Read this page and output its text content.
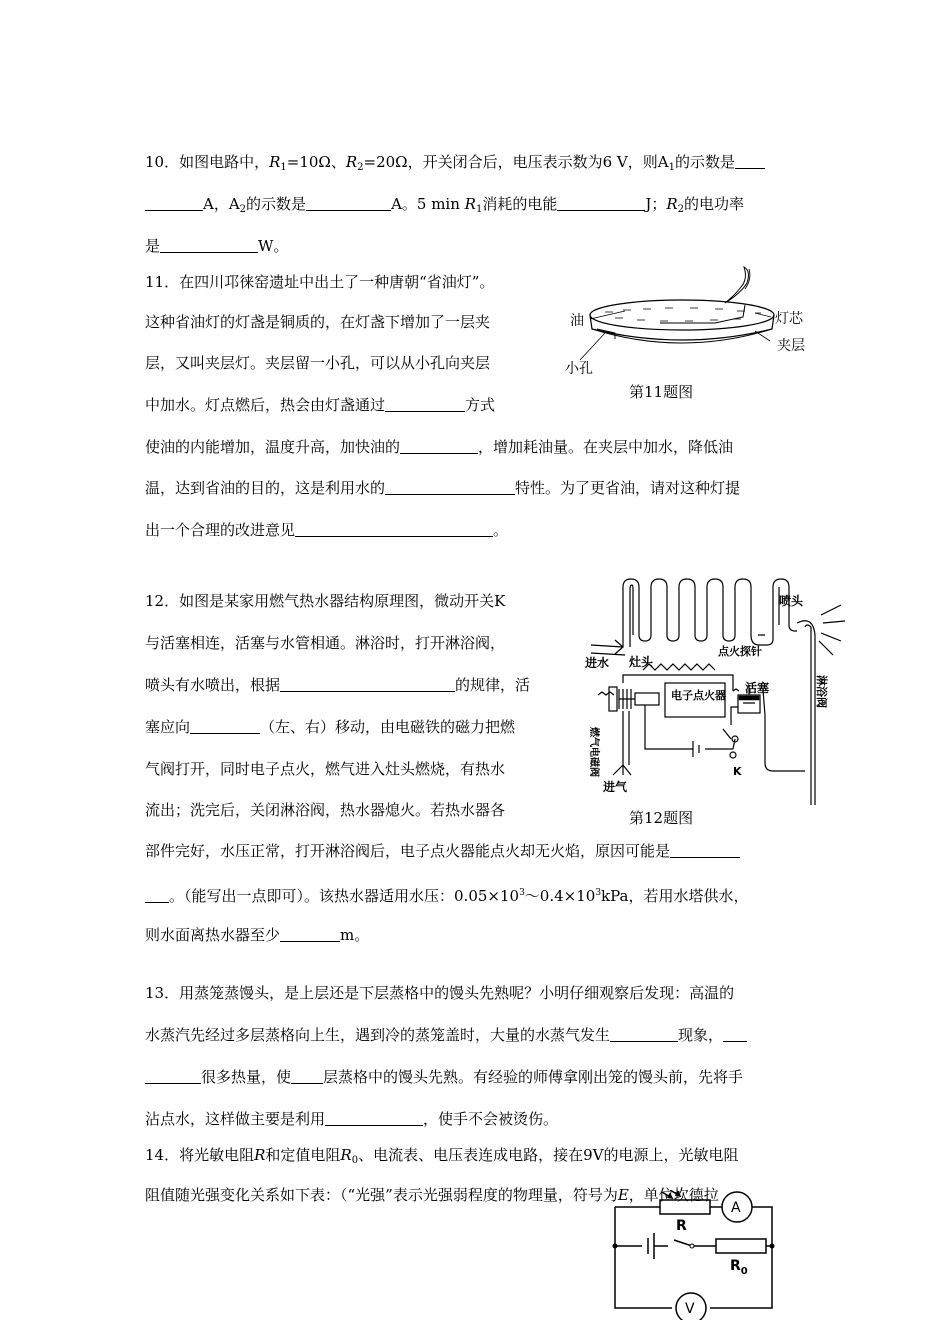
10．如图电路中，$R_1=10\Omega$、$R_2=20\Omega$，开关闭合后，电压表示数为6 V，则$A_1$的示数是
A，$A_2$的示数是	A。5 $\min R_1$消耗的电能	J；$R_2$的电功率
是	W。
11．在四川邛徕窑遗址中出土了一种唐朝“省油灯”。
这种省油灯的灯盏是铜质的，在灯盏下增加了一层夹
层，又叫夹层灯。夹层留一小孔，可以从小孔向夹层
中加水。灯点燃后，热会由灯盏通过	方式
使油的内能增加，温度升高，加快油的	，增加耗油量。在夹层中加水，降低油
温，达到省油的目的，这是利用水的	特性。为了更省油，请对这种灯提
出一个合理的改进意见	。
油	灯芯
夹层
小孔
第11题图
12．如图是某家用燃气热水器结构原理图，微动开关K
与活塞相连，活塞与水管相通。淋浴时，打开淋浴阀，
喷头有水喷出，根据	的规律，活
塞应向	（左、右）移动，由电磁铁的磁力把燃
气阀打开，同时电子点火，燃气进入灶头燃烧，有热水
流出；洗完后，关闭淋浴阀，热水器熄火。若热水器各
部件完好，水压正常，打开淋浴阀后，电子点火器能点火却无火焰，原因可能是
。（能写出一点即可）。该热水器适用水压：$0.05\times 10^3\sim 0.4\times 10^3kPa$，若用水塔供水，
则水面离热水器至少	m。
进水 灶头
点火探针
喷头
活塞
电子点火器
燃气电磁阀
淋浴阀
进气
K
第12题图
13．用蒸笼蒸馒头，是上层还是下层蒸格中的馒头先熟呢？小明仔细观察后发现：高温的
水蒸汽先经过多层蒸格向上生，遇到冷的蒸笼盖时，大量的水蒸气发生	现象，
很多热量，使 层蒸格中的馒头先熟。有经验的师傅拿刚出笼的馒头前，先将手
沾点水，这样做主要是利用	，使手不会被烫伤。
14．将光敏电阻R和定值电阻$R_0$、电流表、电压表连成电路，接在9V的电源上，光敏电阻
阻值随光强变化关系如下表：（“光强”表示光强弱程度的物理量，符号为E，单位坎德拉
R
A
$R_0$
V
